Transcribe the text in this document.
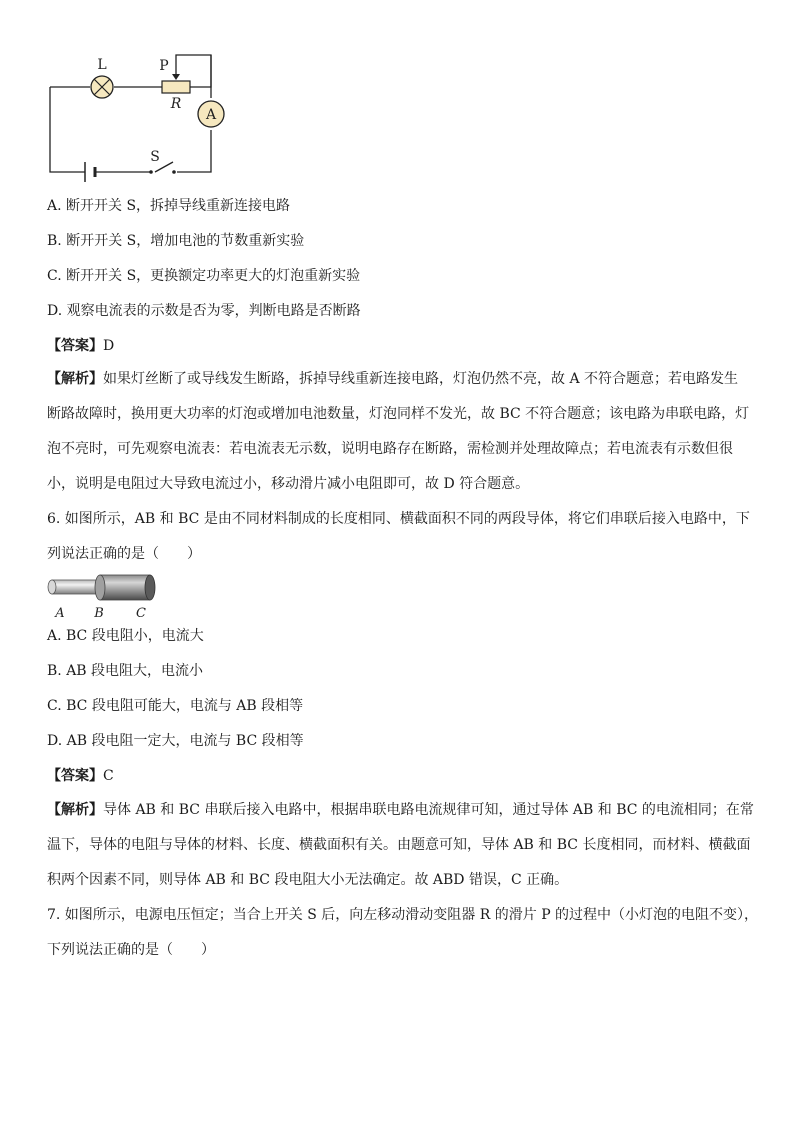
A
L	P
R
S
A. 断开开关 S，拆掉导线重新连接电路
B. 断开开关 S，增加电池的节数重新实验
C. 断开开关 S，更换额定功率更大的灯泡重新实验
D. 观察电流表的示数是否为零，判断电路是否断路
【答案】D
【解析】如果灯丝断了或导线发生断路，拆掉导线重新连接电路，灯泡仍然不亮，故 A 不符合题意；若电路发生
断路故障时，换用更大功率的灯泡或增加电池数量，灯泡同样不发光，故 BC 不符合题意；该电路为串联电路，灯
泡不亮时，可先观察电流表：若电流表无示数，说明电路存在断路，需检测并处理故障点；若电流表有示数但很
小，说明是电阻过大导致电流过小，移动滑片减小电阻即可，故 D 符合题意。
6. 如图所示，AB 和 BC 是由不同材料制成的长度相同、横截面积不同的两段导体，将它们串联后接入电路中，下
列说法正确的是（　　）
A B C
A. BC 段电阻小，电流大
B. AB 段电阻大，电流小
C. BC 段电阻可能大，电流与 AB 段相等
D. AB 段电阻一定大，电流与 BC 段相等
【答案】C
【解析】导体 AB 和 BC 串联后接入电路中，根据串联电路电流规律可知，通过导体 AB 和 BC 的电流相同；在常
温下，导体的电阻与导体的材料、长度、横截面积有关。由题意可知，导体 AB 和 BC 长度相同，而材料、横截面
积两个因素不同，则导体 AB 和 BC 段电阻大小无法确定。故 ABD 错误，C 正确。
7. 如图所示，电源电压恒定；当合上开关 S 后，向左移动滑动变阻器 R 的滑片 P 的过程中（小灯泡的电阻不变），
下列说法正确的是（　　）
